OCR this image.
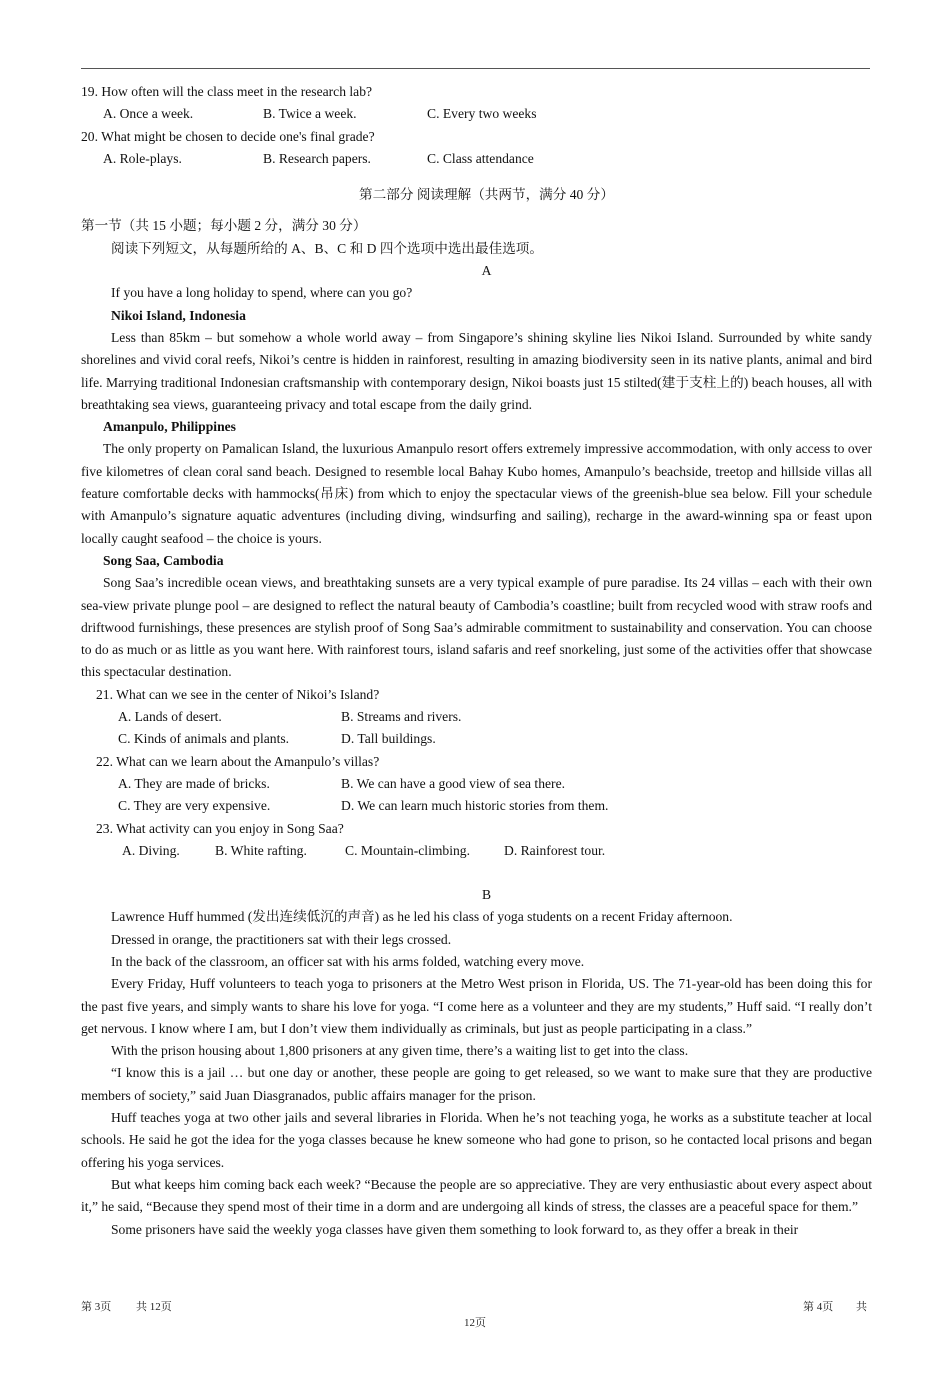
19. How often will the class meet in the research lab?

A. Once a week.	B. Twice a week.	C. Every two weeks

20. What might be chosen to decide one's final grade?

A. Role-plays.	B. Research papers.	C. Class attendance

第二部分 阅读理解（共两节，满分 40 分）

第一节（共 15 小题；每小题 2 分，满分 30 分）

阅读下列短文，从每题所给的 A、B、C 和 D 四个选项中选出最佳选项。

A

If you have a long holiday to spend, where can you go?

Nikoi Island, Indonesia

Less than 85km – but somehow a whole world away – from Singapore’s shining skyline lies Nikoi Island. Surrounded by white sandy shorelines and vivid coral reefs, Nikoi’s centre is hidden in rainforest, resulting in amazing biodiversity seen in its native plants, animal and bird life. Marrying traditional Indonesian craftsmanship with contemporary design, Nikoi boasts just 15 stilted(建于支柱上的) beach houses, all with breathtaking sea views, guaranteeing privacy and total escape from the daily grind.

Amanpulo, Philippines

The only property on Pamalican Island, the luxurious Amanpulo resort offers extremely impressive accommodation, with only access to over five kilometres of clean coral sand beach. Designed to resemble local Bahay Kubo homes, Amanpulo’s beachside, treetop and hillside villas all feature comfortable decks with hammocks(吊床) from which to enjoy the spectacular views of the greenish-blue sea below. Fill your schedule with Amanpulo’s signature aquatic adventures (including diving, windsurfing and sailing), recharge in the award-winning spa or feast upon locally caught seafood – the choice is yours.

Song Saa, Cambodia

Song Saa’s incredible ocean views, and breathtaking sunsets are a very typical example of pure paradise. Its 24 villas – each with their own sea-view private plunge pool – are designed to reflect the natural beauty of Cambodia’s coastline; built from recycled wood with straw roofs and driftwood furnishings, these presences are stylish proof of Song Saa’s admirable commitment to sustainability and conservation. You can choose to do as much or as little as you want here. With rainforest tours, island safaris and reef snorkeling, just some of the activities offer that showcase this spectacular destination.

21. What can we see in the center of Nikoi’s Island?

A. Lands of desert.	B. Streams and rivers.
C. Kinds of animals and plants.	D. Tall buildings.

22. What can we learn about the Amanpulo’s villas?

A. They are made of bricks.	B. We can have a good view of sea there.
C. They are very expensive.	D. We can learn much historic stories from them.

23. What activity can you enjoy in Song Saa?

A. Diving.	B. White rafting.	C. Mountain-climbing.	D. Rainforest tour.

B

Lawrence Huff hummed (发出连续低沉的声音) as he led his class of yoga students on a recent Friday afternoon.

Dressed in orange, the practitioners sat with their legs crossed.

In the back of the classroom, an officer sat with his arms folded, watching every move.

Every Friday, Huff volunteers to teach yoga to prisoners at the Metro West prison in Florida, US. The 71-year-old has been doing this for the past five years, and simply wants to share his love for yoga. “I come here as a volunteer and they are my students,” Huff said. “I really don’t get nervous. I know where I am, but I don’t view them individually as criminals, but just as people participating in a class.”

With the prison housing about 1,800 prisoners at any given time, there’s a waiting list to get into the class.

“I know this is a jail … but one day or another, these people are going to get released, so we want to make sure that they are productive members of society,” said Juan Diasgranados, public affairs manager for the prison.

Huff teaches yoga at two other jails and several libraries in Florida. When he’s not teaching yoga, he works as a substitute teacher at local schools. He said he got the idea for the yoga classes because he knew someone who had gone to prison, so he contacted local prisons and began offering his yoga services.

But what keeps him coming back each week? “Because the people are so appreciative. They are very enthusiastic about every aspect about it,” he said, “Because they spend most of their time in a dorm and are undergoing all kinds of stress, the classes are a peaceful space for them.”

Some prisoners have said the weekly yoga classes have given them something to look forward to, as they offer a break in their

第 3页 共 12页	第 4页 共
12页
